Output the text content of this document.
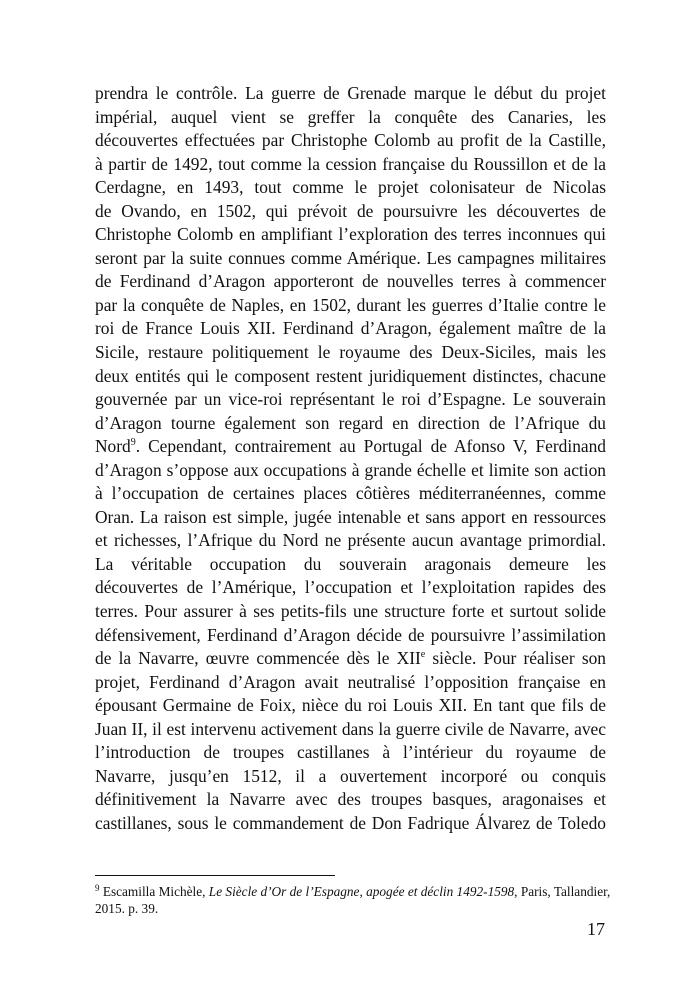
prendra le contrôle. La guerre de Grenade marque le début du projet
impérial, auquel vient se greffer la conquête des Canaries, les
découvertes effectuées par Christophe Colomb au profit de la Castille,
à partir de 1492, tout comme la cession française du Roussillon et de la
Cerdagne, en 1493, tout comme le projet colonisateur de Nicolas
de Ovando, en 1502, qui prévoit de poursuivre les découvertes de
Christophe Colomb en amplifiant l’exploration des terres inconnues qui
seront par la suite connues comme Amérique. Les campagnes militaires
de Ferdinand d’Aragon apporteront de nouvelles terres à commencer
par la conquête de Naples, en 1502, durant les guerres d’Italie contre le
roi de France Louis XII. Ferdinand d’Aragon, également maître de la
Sicile, restaure politiquement le royaume des Deux-Siciles, mais les
deux entités qui le composent restent juridiquement distinctes, chacune
gouvernée par un vice-roi représentant le roi d’Espagne. Le souverain
d’Aragon tourne également son regard en direction de l’Afrique du
Nord$^9$. Cependant, contrairement au Portugal de Afonso V, Ferdinand
d’Aragon s’oppose aux occupations à grande échelle et limite son action
à l’occupation de certaines places côtières méditerranéennes, comme
Oran. La raison est simple, jugée intenable et sans apport en ressources
et richesses, l’Afrique du Nord ne présente aucun avantage primordial.
La véritable occupation du souverain aragonais demeure les
découvertes de l’Amérique, l’occupation et l’exploitation rapides des
terres. Pour assurer à ses petits-fils une structure forte et surtout solide
défensivement, Ferdinand d’Aragon décide de poursuivre l’assimilation
de la Navarre, œuvre commencée dès le XIIe siècle. Pour réaliser son
projet, Ferdinand d’Aragon avait neutralisé l’opposition française en
épousant Germaine de Foix, nièce du roi Louis XII. En tant que fils de
Juan II, il est intervenu activement dans la guerre civile de Navarre, avec
l’introduction de troupes castillanes à l’intérieur du royaume de
Navarre, jusqu’en 1512, il a ouvertement incorporé ou conquis
définitivement la Navarre avec des troupes basques, aragonaises et
castillanes, sous le commandement de Don Fadrique Álvarez de Toledo
$^9$ Escamilla Michèle, Le Siècle d’Or de l’Espagne, apogée et déclin 1492-1598, Paris, Tallandier,
2015. p. 39.
17
